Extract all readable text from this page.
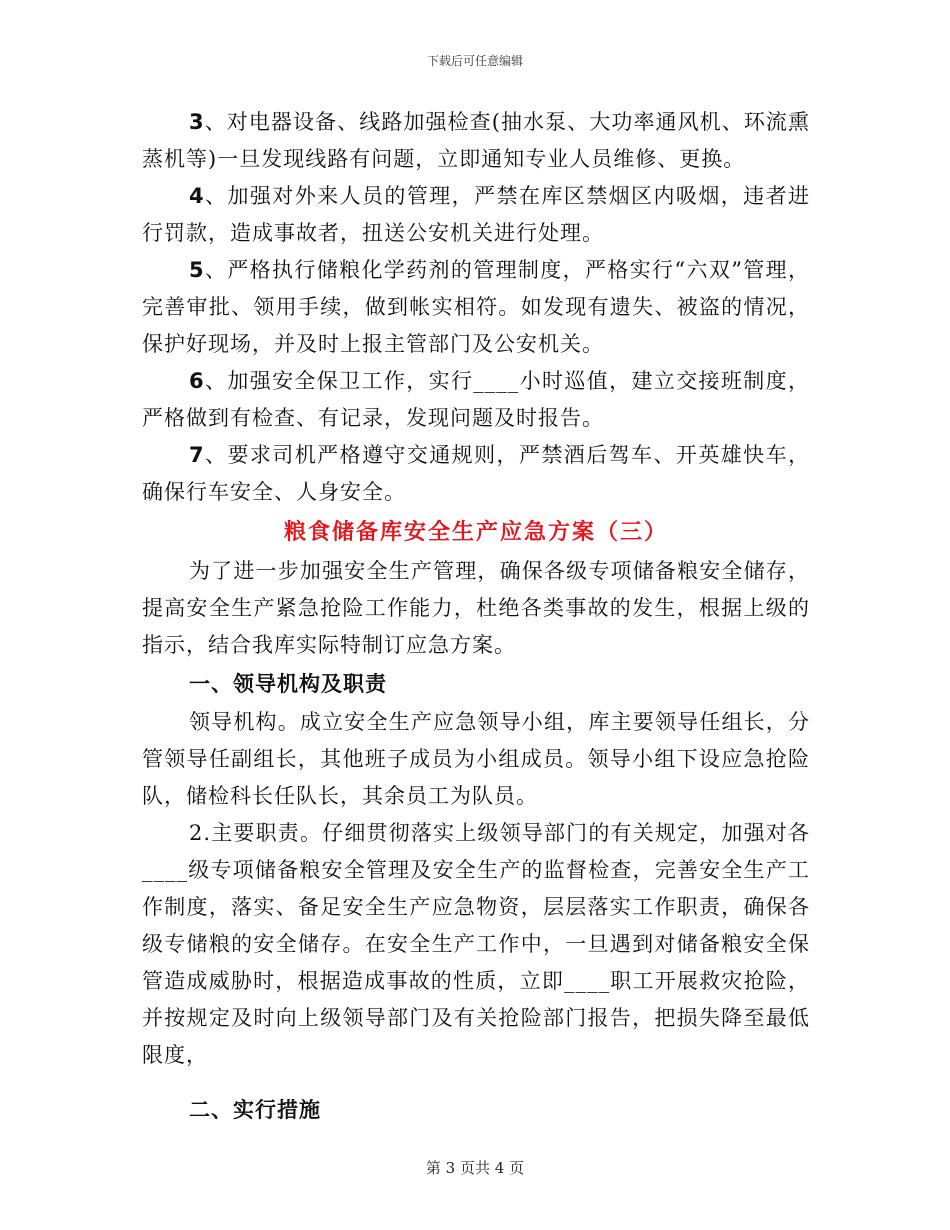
下载后可任意编辑

3、对电器设备、线路加强检查(抽水泵、大功率通风机、环流熏蒸机等)一旦发现线路有问题，立即通知专业人员维修、更换。

4、加强对外来人员的管理，严禁在库区禁烟区内吸烟，违者进行罚款，造成事故者，扭送公安机关进行处理。

5、严格执行储粮化学药剂的管理制度，严格实行“六双”管理，完善审批、领用手续，做到帐实相符。如发现有遗失、被盗的情况，保护好现场，并及时上报主管部门及公安机关。

6、加强安全保卫工作，实行____小时巡值，建立交接班制度，严格做到有检查、有记录，发现问题及时报告。

7、要求司机严格遵守交通规则，严禁酒后驾车、开英雄快车，确保行车安全、人身安全。

粮食储备库安全生产应急方案（三）

为了进一步加强安全生产管理，确保各级专项储备粮安全储存，提高安全生产紧急抢险工作能力，杜绝各类事故的发生，根据上级的指示，结合我库实际特制订应急方案。

一、领导机构及职责

领导机构。成立安全生产应急领导小组，库主要领导任组长，分管领导任副组长，其他班子成员为小组成员。领导小组下设应急抢险队，储检科长任队长，其余员工为队员。

2.主要职责。仔细贯彻落实上级领导部门的有关规定，加强对各____级专项储备粮安全管理及安全生产的监督检查，完善安全生产工作制度，落实、备足安全生产应急物资，层层落实工作职责，确保各级专储粮的安全储存。在安全生产工作中，一旦遇到对储备粮安全保管造成威胁时，根据造成事故的性质，立即____职工开展救灾抢险，并按规定及时向上级领导部门及有关抢险部门报告，把损失降至最低限度，

二、实行措施
第 3 页共 4 页
